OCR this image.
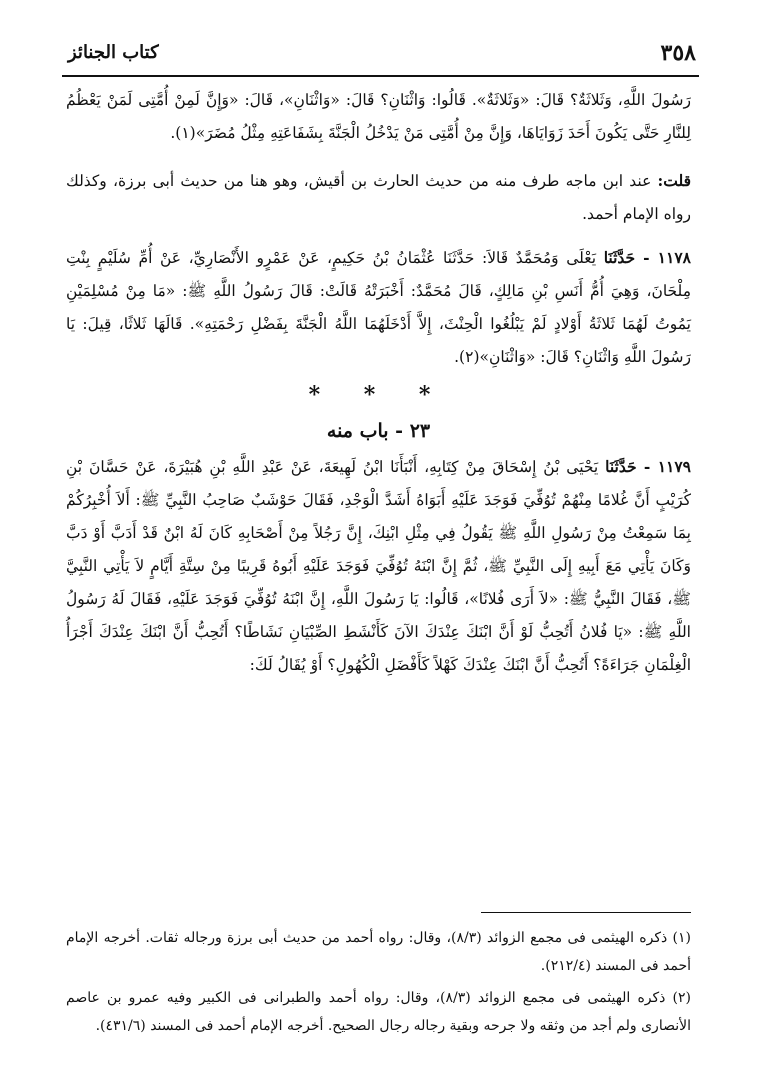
٣٥٨
كتاب الجنائز

رَسُولَ اللَّهِ، وَثَلاثَةٌ؟ قَالَ: «وَثَلاثَةٌ». قَالُوا: وَاثْنَانِ؟ قَالَ: «وَاثْنَانِ»، قَالَ: «وَإِنَّ لَمِنْ أُمَّتِى لَمَنْ يَعْظُمُ لِلنَّارِ حَتَّى يَكُونَ أَحَدَ زَوَايَاهَا، وَإِنَّ مِنْ أُمَّتِى مَنْ يَدْخُلُ الْجَنَّةَ بِشَفَاعَتِهِ مِثْلُ مُضَرَ»(١).

قلت: عند ابن ماجه طرف منه من حديث الحارث بن أقيش، وهو هنا من حديث أبى برزة، وكذلك رواه الإمام أحمد.

١١٧٨ - حَدَّثَنَا يَعْلَى وَمُحَمَّدٌ قَالاَ: حَدَّثَنَا عُثْمَانُ بْنُ حَكِيمٍ، عَنْ عَمْرٍو الأَنْصَارِيِّ، عَنْ أُمِّ سُلَيْمٍ بِنْتِ مِلْحَانَ، وَهِيَ أُمُّ أَنَسِ بْنِ مَالِكٍ، قَالَ مُحَمَّدٌ: أَخْبَرَتْهُ قَالَتْ: قَالَ رَسُولُ اللَّهِ ﷺ: «مَا مِنْ مُسْلِمَيْنِ يَمُوتُ لَهُمَا ثَلاثَةُ أَوْلادٍ لَمْ يَبْلُغُوا الْحِنْثَ، إِلاَّ أَدْخَلَهُمَا اللَّهُ الْجَنَّةَ بِفَضْلِ رَحْمَتِهِ». قَالَهَا ثَلاثًا، قِيلَ: يَا رَسُولَ اللَّهِ وَاثْنَانِ؟ قَالَ: «وَاثْنَانِ»(٢).

* * *
٢٣ - باب منه

١١٧٩ - حَدَّثَنَا يَحْيَى بْنُ إِسْحَاقَ مِنْ كِتَابِهِ، أَنْبَأَنَا ابْنُ لَهِيعَةَ، عَنْ عَبْدِ اللَّهِ بْنِ هُبَيْرَةَ، عَنْ حَسَّانَ بْنِ كُرَيْبٍ أَنَّ غُلامًا مِنْهُمْ تُوُفِّيَ فَوَجَدَ عَلَيْهِ أَبَوَاهُ أَشَدَّ الْوَجْدِ، فَقَالَ حَوْشَبٌ صَاحِبُ النَّبِيِّ ﷺ: أَلاَ أُخْبِرُكُمْ بِمَا سَمِعْتُ مِنْ رَسُولِ اللَّهِ ﷺ يَقُولُ فِي مِثْلِ ابْنِكَ، إِنَّ رَجُلاً مِنْ أَصْحَابِهِ كَانَ لَهُ ابْنٌ قَدْ أَدَبَّ أَوْ دَبَّ وَكَانَ يَأْتِي مَعَ أَبِيهِ إِلَى النَّبِيِّ ﷺ، ثُمَّ إِنَّ ابْنَهُ تُوُفِّيَ فَوَجَدَ عَلَيْهِ أَبُوهُ قَرِيبًا مِنْ سِتَّةِ أَيَّامٍ لاَ يَأْتِي النَّبِيَّ ﷺ، فَقَالَ النَّبِيُّ ﷺ: «لاَ أَرَى فُلانًا»، قَالُوا: يَا رَسُولَ اللَّهِ، إِنَّ ابْنَهُ تُوُفِّيَ فَوَجَدَ عَلَيْهِ، فَقَالَ لَهُ رَسُولُ اللَّهِ ﷺ: «يَا فُلانُ أَتُحِبُّ لَوْ أَنَّ ابْنَكَ عِنْدَكَ الآنَ كَأَنْشَطِ الصِّبْيَانِ نَشَاطًا؟ أَتُحِبُّ أَنَّ ابْنَكَ عِنْدَكَ أَجْرَأُ الْغِلْمَانِ جَرَاءَةً؟ أَتُحِبُّ أَنَّ ابْنَكَ عِنْدَكَ كَهْلاً كَأَفْضَلِ الْكُهُولِ؟ أَوْ يُقَالُ لَكَ:

(١) ذكره الهيثمى فى مجمع الزوائد (٨/٣)، وقال: رواه أحمد من حديث أبى برزة ورجاله ثقات. أخرجه الإمام أحمد فى المسند (٢١٢/٤).

(٢) ذكره الهيثمى فى مجمع الزوائد (٨/٣)، وقال: رواه أحمد والطبرانى فى الكبير وفيه عمرو بن عاصم الأنصارى ولم أجد من وثقه ولا جرحه وبقية رجاله رجال الصحيح. أخرجه الإمام أحمد فى المسند (٤٣١/٦).
